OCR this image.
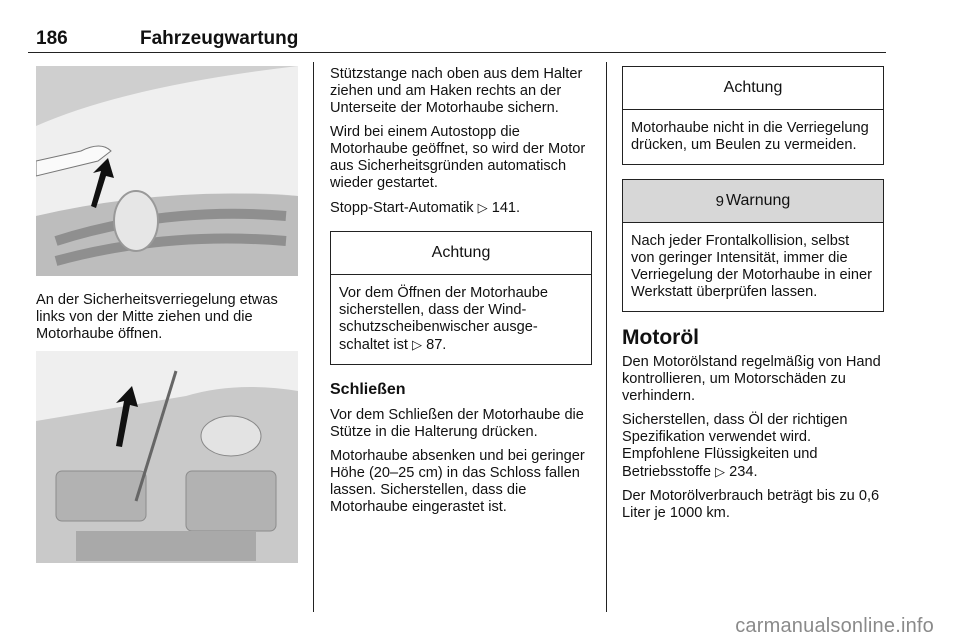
186	Fahrzeugwartung

An der Sicherheitsverriegelung etwas links von der Mitte ziehen und die Motorhaube öffnen.

Stützstange nach oben aus dem Halter ziehen und am Haken rechts an der Unterseite der Motorhaube sichern.

Wird bei einem Autostopp die Motorhaube geöffnet, so wird der Motor aus Sicherheitsgründen automatisch wieder gestartet.

Stopp-Start-Automatik ▷ 141.

Achtung

Vor dem Öffnen der Motorhaube sicherstellen, dass der Wind-schutzscheibenwischer ausge-schaltet ist ▷ 87.

Schließen

Vor dem Schließen der Motorhaube die Stütze in die Halterung drücken.

Motorhaube absenken und bei geringer Höhe (20–25 cm) in das Schloss fallen lassen. Sicherstellen, dass die Motorhaube eingerastet ist.

Achtung

Motorhaube nicht in die Verriegelung drücken, um Beulen zu vermeiden.

9 Warnung

Nach jeder Frontalkollision, selbst von geringer Intensität, immer die Verriegelung der Motorhaube in einer Werkstatt überprüfen lassen.

Motoröl

Den Motorölstand regelmäßig von Hand kontrollieren, um Motorschäden zu verhindern.

Sicherstellen, dass Öl der richtigen Spezifikation verwendet wird.

Empfohlene Flüssigkeiten und Betriebsstoffe ▷ 234.

Der Motorölverbrauch beträgt bis zu 0,6 Liter je 1000 km.

carmanualsonline.info
